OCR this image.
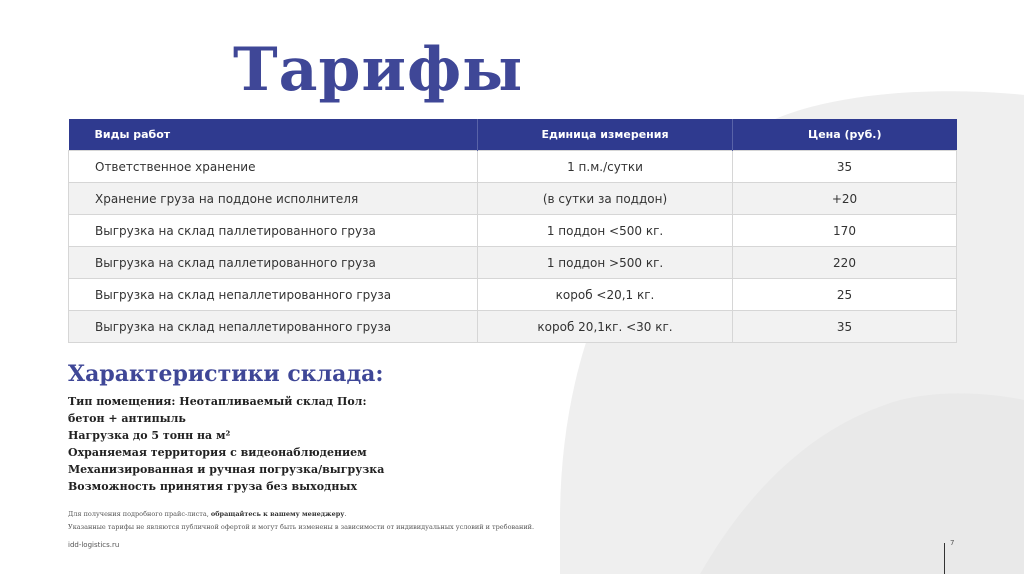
Тарифы
Виды работ	Единица измерения	Цена (руб.)
Ответственное хранение	1 п.м./сутки	35
Хранение груза на поддоне исполнителя	(в сутки за поддон)	+20
Выгрузка на склад паллетированного груза	1 поддон <500 кг.	170
Выгрузка на склад паллетированного груза	1 поддон >500 кг.	220
Выгрузка на склад непаллетированного груза	короб <20,1 кг.	25
Выгрузка на склад непаллетированного груза	короб 20,1кг. <30 кг.	35
Характеристики склада:
Тип помещения: Неотапливаемый склад Пол: бетон + антипыль
Нагрузка до 5 тонн на м²
Охраняемая территория с видеонаблюдением
Механизированная и ручная погрузка/выгрузка
Возможность принятия груза без выходных
Для получения подробного прайс-листа, обращайтесь к вашему менеджеру.
Указанные тарифы не являются публичной офертой и могут быть изменены в зависимости от индивидуальных условий и требований.
idd-logistics.ru	7
